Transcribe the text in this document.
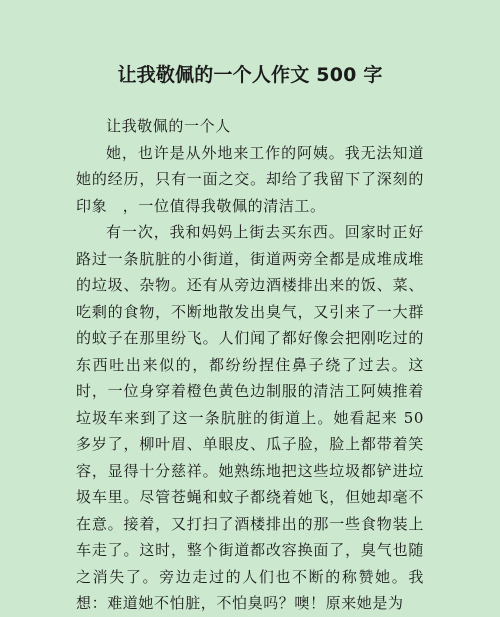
让我敬佩的一个人作文 500 字

让我敬佩的一个人

她，也许是从外地来工作的阿姨。我无法知道她的经历，只有一面之交。却给了我留下了深刻的印象　，一位值得我敬佩的清洁工。

有一次，我和妈妈上街去买东西。回家时正好路过一条肮脏的小街道，街道两旁全都是成堆成堆的垃圾、杂物。还有从旁边酒楼排出来的饭、菜、吃剩的食物，不断地散发出臭气，又引来了一大群的蚊子在那里纷飞。人们闻了都好像会把刚吃过的东西吐出来似的，都纷纷捏住鼻子绕了过去。这时，一位身穿着橙色黄色边制服的清洁工阿姨推着垃圾车来到了这一条肮脏的街道上。她看起来 50 多岁了，柳叶眉、单眼皮、瓜子脸，脸上都带着笑容，显得十分慈祥。她熟练地把这些垃圾都铲进垃圾车里。尽管苍蝇和蚊子都绕着她飞，但她却毫不在意。接着，又打扫了酒楼排出的那一些食物装上车走了。这时，整个街道都改容换面了，臭气也随之消失了。旁边走过的人们也不断的称赞她。我想：难道她不怕脏，不怕臭吗？噢！原来她是为
